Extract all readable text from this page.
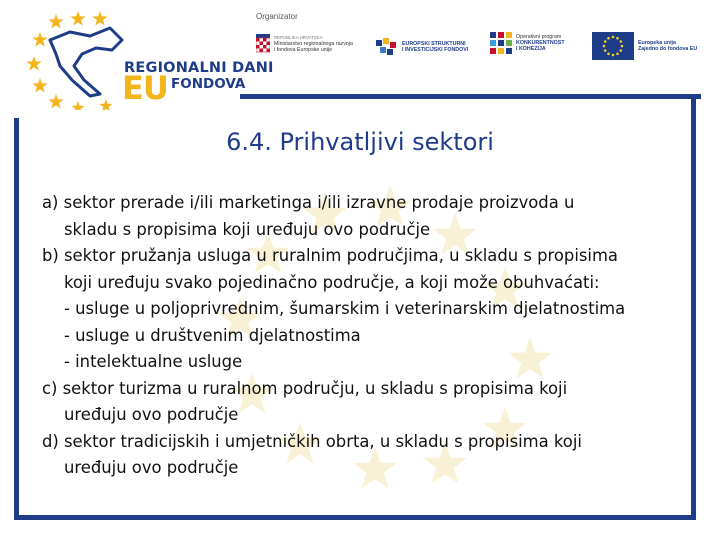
REGIONALNI DANI
EU FONDOVA
Organizator
REPUBLIKA HRVATSKA
Ministarstvo regionalnoga razvoja
i fondova Europske unije
EUROPSKI STRUKTURNI
I INVESTICIJSKI FONDOVI
Operativni program
KONKURENTNOST
I KOHEZIJA
Europska unija
Zajedno do fondova EU
6.4. Prihvatljivi sektori
a) sektor prerade i/ili marketinga i/ili izravne prodaje proizvoda u
skladu s propisima koji uređuju ovo područje
b) sektor pružanja usluga u ruralnim područjima, u skladu s propisima
koji uređuju svako pojedinačno područje, a koji može obuhvaćati:
- usluge u poljoprivrednim, šumarskim i veterinarskim djelatnostima
- usluge u društvenim djelatnostima
- intelektualne usluge
c) sektor turizma u ruralnom području, u skladu s propisima koji
uređuju ovo područje
d) sektor tradicijskih i umjetničkih obrta, u skladu s propisima koji
uređuju ovo područje
